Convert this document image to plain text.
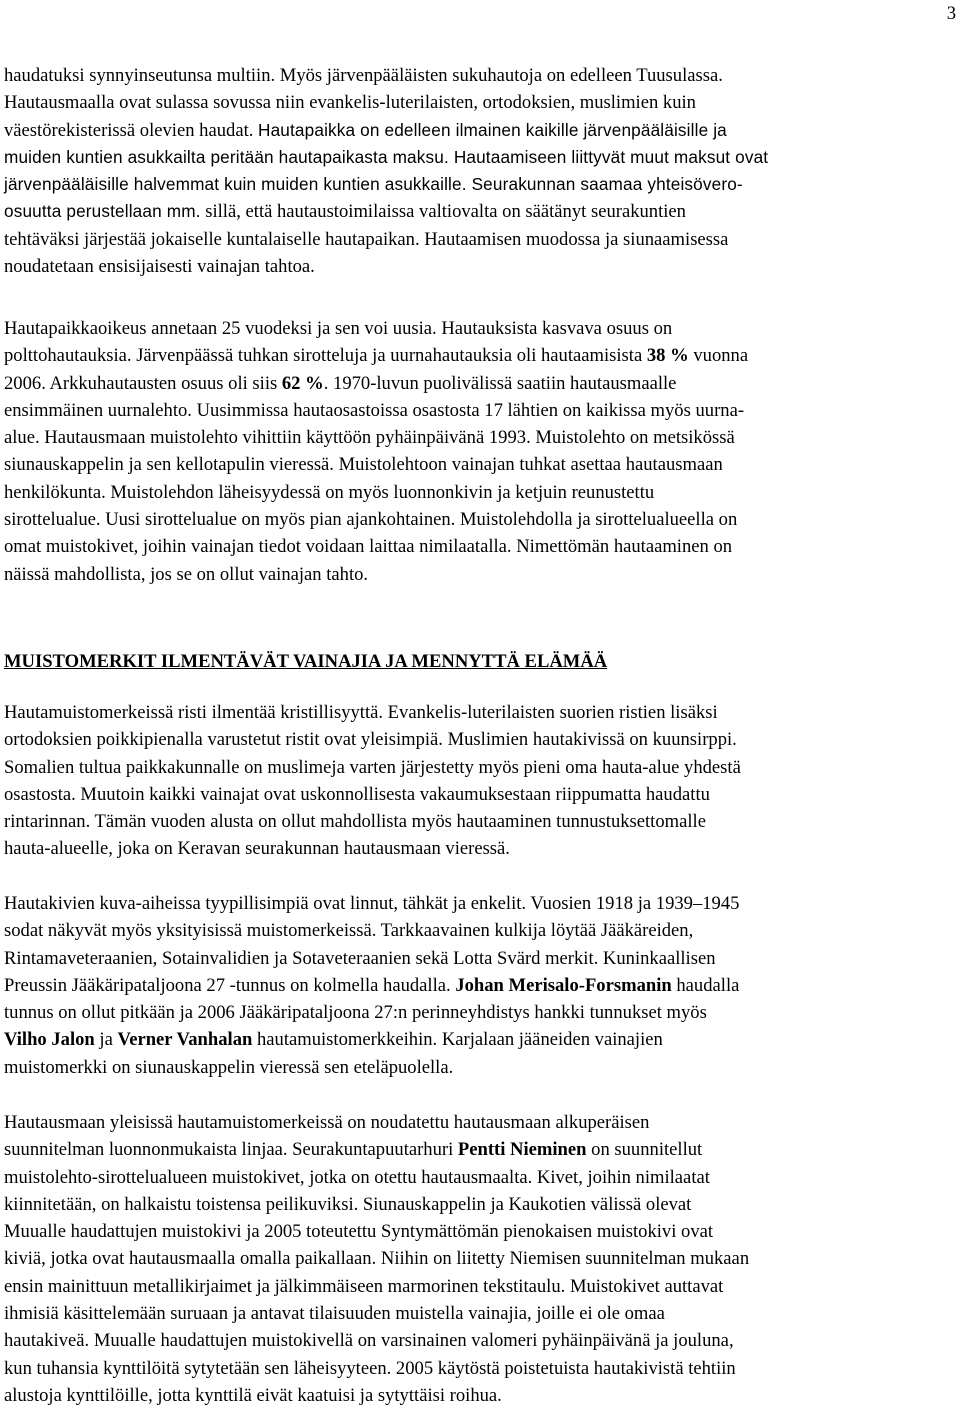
3
haudatuksi synnyinseutunsa multiin. Myös järvenpääläisten sukuhautoja on edelleen Tuusulassa.
Hautausmaalla ovat sulassa sovussa niin evankelis-luterilaisten, ortodoksien, muslimien kuin
väestörekisterissä olevien haudat. Hautapaikka on edelleen ilmainen kaikille järvenpääläisille ja
muiden kuntien asukkailta peritään hautapaikasta maksu. Hautaamiseen liittyvät muut maksut ovat
järvenpääläisille halvemmat kuin muiden kuntien asukkaille. Seurakunnan saamaa yhteisövero-
osuutta perustellaan mm. sillä, että hautaustoimilaissa valtiovalta on säätänyt seurakuntien
tehtäväksi järjestää jokaiselle kuntalaiselle hautapaikan. Hautaamisen muodossa ja siunaamisessa
noudatetaan ensisijaisesti vainajan tahtoa.
Hautapaikkaoikeus annetaan 25 vuodeksi ja sen voi uusia. Hautauksista kasvava osuus on
polttohautauksia. Järvenpäässä tuhkan sirotteluja ja uurnahautauksia oli hautaamisista 38 % vuonna
2006. Arkkuhautausten osuus oli siis 62 %. 1970-luvun puolivälissä saatiin hautausmaalle
ensimmäinen uurnalehto. Uusimmissa hautaosastoissa osastosta 17 lähtien on kaikissa myös uurna-
alue. Hautausmaan muistolehto vihittiin käyttöön pyhäinpäivänä 1993. Muistolehto on metsikössä
siunauskappelin ja sen kellotapulin vieressä. Muistolehtoon vainajan tuhkat asettaa hautausmaan
henkilökunta. Muistolehdon läheisyydessä on myös luonnonkivin ja ketjuin reunustettu
sirottelualue. Uusi sirottelualue on myös pian ajankohtainen. Muistolehdolla ja sirottelualueella on
omat muistokivet, joihin vainajan tiedot voidaan laittaa nimilaatalla. Nimettömän hautaaminen on
näissä mahdollista, jos se on ollut vainajan tahto.
MUISTOMERKIT ILMENTÄVÄT VAINAJIA JA MENNYTTÄ ELÄMÄÄ
Hautamuistomerkeissä risti ilmentää kristillisyyttä. Evankelis-luterilaisten suorien ristien lisäksi
ortodoksien poikkipienalla varustetut ristit ovat yleisimpiä. Muslimien hautakivissä on kuunsirppi.
Somalien tultua paikkakunnalle on muslimeja varten järjestetty myös pieni oma hauta-alue yhdestä
osastosta. Muutoin kaikki vainajat ovat uskonnollisesta vakaumuksestaan riippumatta haudattu
rintarinnan. Tämän vuoden alusta on ollut mahdollista myös hautaaminen tunnustuksettomalle
hauta-alueelle, joka on Keravan seurakunnan hautausmaan vieressä.
Hautakivien kuva-aiheissa tyypillisimpiä ovat linnut, tähkät ja enkelit. Vuosien 1918 ja 1939–1945
sodat näkyvät myös yksityisissä muistomerkeissä. Tarkkaavainen kulkija löytää Jääkäreiden,
Rintamaveteraanien, Sotainvalidien ja Sotaveteraanien sekä Lotta Svärd merkit. Kuninkaallisen
Preussin Jääkäripataljoona 27 -tunnus on kolmella haudalla. Johan Merisalo-Forsmanin haudalla
tunnus on ollut pitkään ja 2006 Jääkäripataljoona 27:n perinneyhdistys hankki tunnukset myös
Vilho Jalon ja Verner Vanhalan hautamuistomerkkeihin. Karjalaan jääneiden vainajien
muistomerkki on siunauskappelin vieressä sen eteläpuolella.
Hautausmaan yleisissä hautamuistomerkeissä on noudatettu hautausmaan alkuperäisen
suunnitelman luonnonmukaista linjaa. Seurakuntapuutarhuri Pentti Nieminen on suunnitellut
muistolehto-sirottelualueen muistokivet, jotka on otettu hautausmaalta. Kivet, joihin nimilaatat
kiinnitetään, on halkaistu toistensa peilikuviksi. Siunauskappelin ja Kaukotien välissä olevat
Muualle haudattujen muistokivi ja 2005 toteutettu Syntymättömän pienokaisen muistokivi ovat
kiviä, jotka ovat hautausmaalla omalla paikallaan. Niihin on liitetty Niemisen suunnitelman mukaan
ensin mainittuun metallikirjaimet ja jälkimmäiseen marmorinen tekstitaulu. Muistokivet auttavat
ihmisiä käsittelemään suruaan ja antavat tilaisuuden muistella vainajia, joille ei ole omaa
hautakiveä. Muualle haudattujen muistokivellä on varsinainen valomeri pyhäinpäivänä ja jouluna,
kun tuhansia kynttilöitä sytytetään sen läheisyyteen. 2005 käytöstä poistetuista hautakivistä tehtiin
alustoja kynttilöille, jotta kynttilä eivät kaatuisi ja sytyttäisi roihua.
